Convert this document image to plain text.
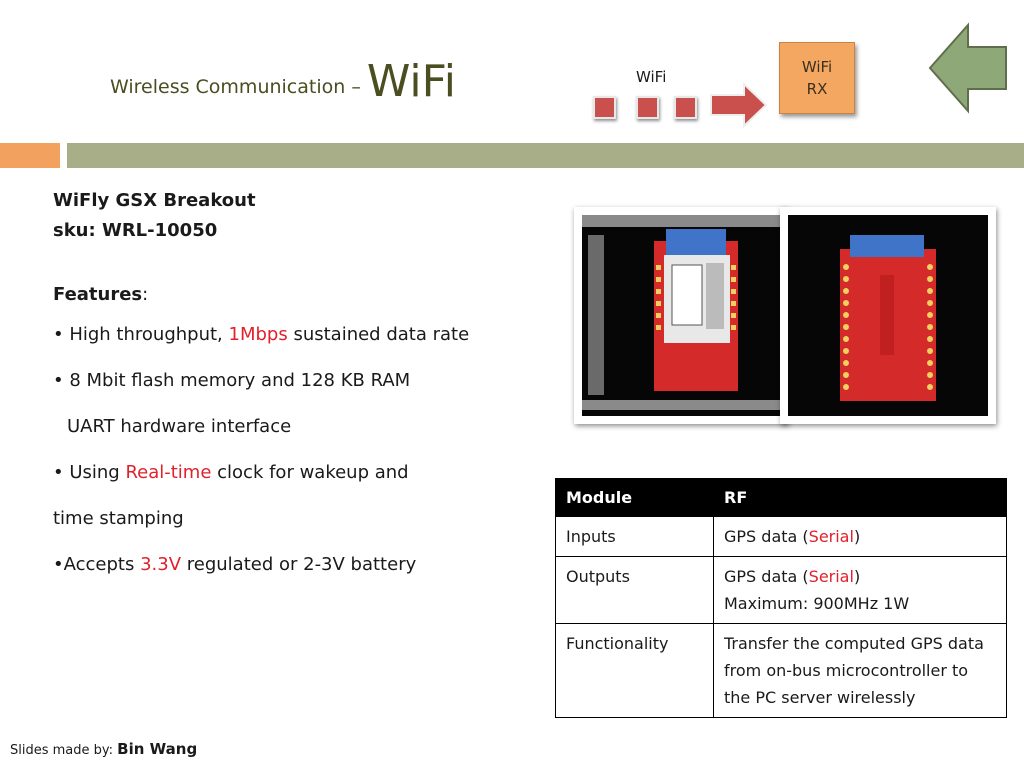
Wireless Communication – WiFi	WiFi
WiFi
RX
WiFly GSX Breakout
sku: WRL-10050
Features:
• High throughput, 1Mbps sustained data rate
• 8 Mbit flash memory and 128 KB RAM
UART hardware interface
• Using Real-time clock for wakeup and
time stamping
•Accepts 3.3V regulated or 2-3V battery
Module	RF
Inputs	GPS data (Serial)
Outputs	GPS data (Serial)
Maximum: 900MHz 1W
Functionality	Transfer the computed GPS data from on-bus microcontroller to the PC server wirelessly
Slides made by: Bin Wang
